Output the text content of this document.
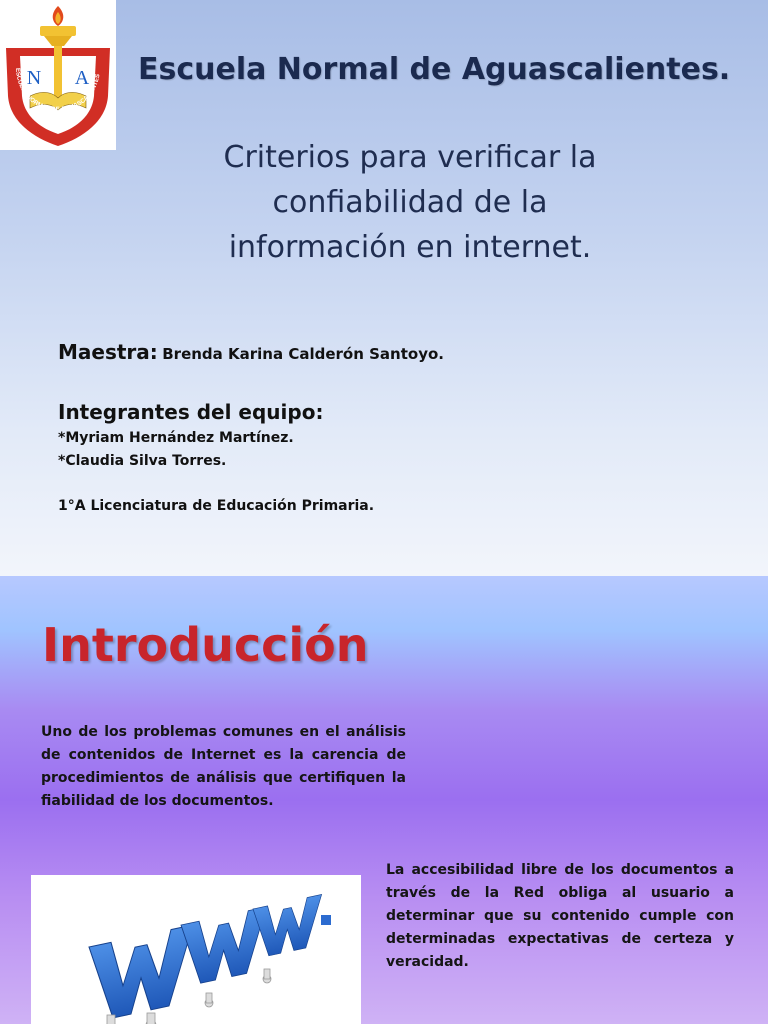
ESCUELA NORMAL DE AGUASCALIENTES
N A Escuela Normal de Aguascalientes.
Criterios para verificar la
confiabilidad de la
información en internet.
Maestra: Brenda Karina Calderón Santoyo.
Integrantes del equipo:
*Myriam Hernández Martínez.
*Claudia Silva Torres.
1°A Licenciatura de Educación Primaria.
Introducción
Uno de los problemas comunes en el análisis de contenidos de Internet es la carencia de procedimientos de análisis que certifiquen la fiabilidad de los documentos.
La accesibilidad libre de los documentos a través de la Red obliga al usuario a determinar que su contenido cumple con determinadas expectativas de certeza y veracidad.
